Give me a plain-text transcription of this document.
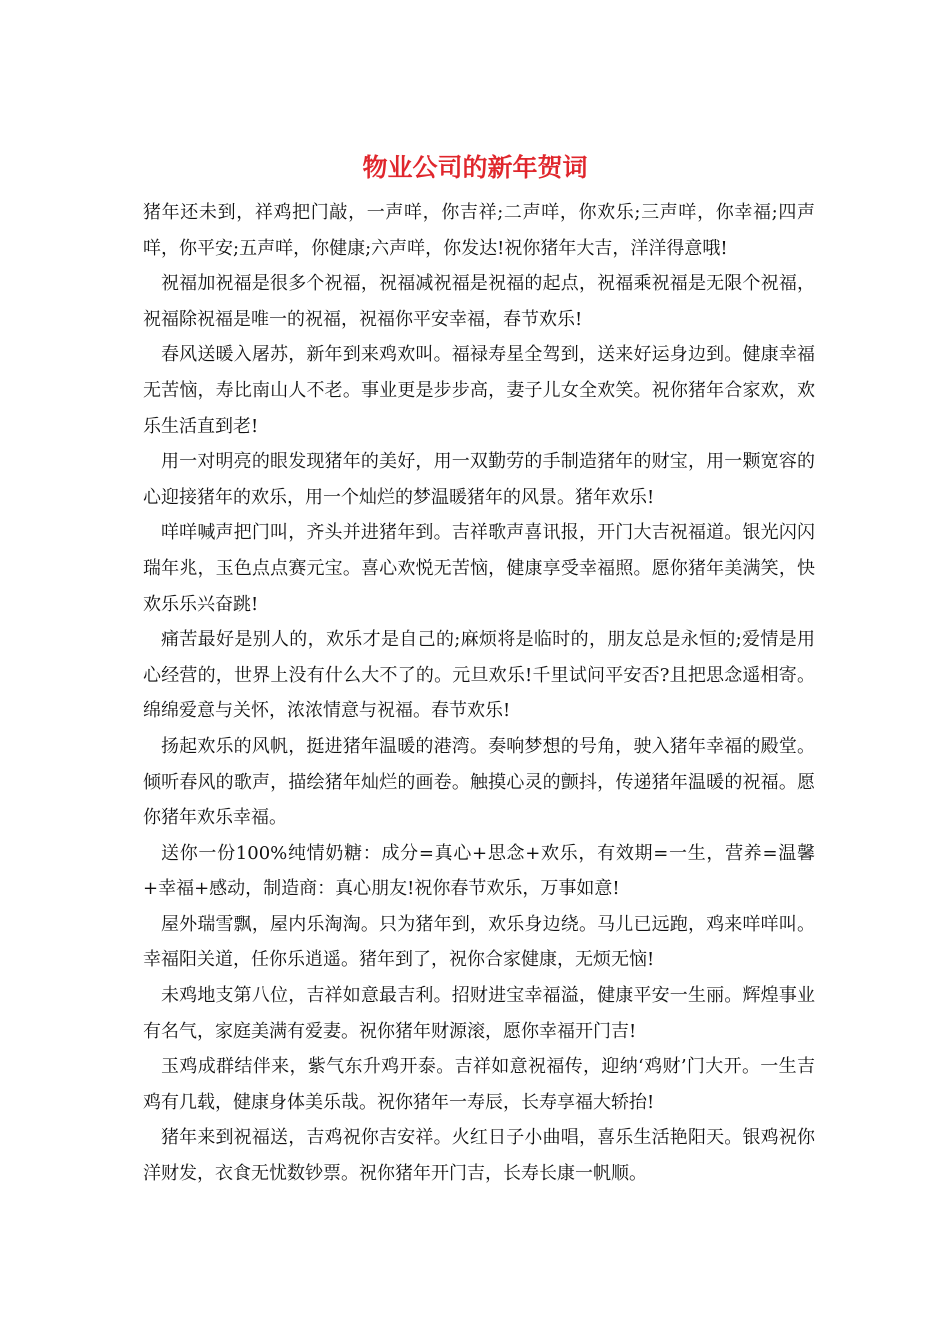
物业公司的新年贺词

猪年还未到，祥鸡把门敲，一声咩，你吉祥;二声咩，你欢乐;三声咩，你幸福;四声咩，你平安;五声咩，你健康;六声咩，你发达!祝你猪年大吉，洋洋得意哦!

祝福加祝福是很多个祝福，祝福减祝福是祝福的起点，祝福乘祝福是无限个祝福，祝福除祝福是唯一的祝福，祝福你平安幸福，春节欢乐!

春风送暖入屠苏，新年到来鸡欢叫。福禄寿星全驾到，送来好运身边到。健康幸福无苦恼，寿比南山人不老。事业更是步步高，妻子儿女全欢笑。祝你猪年合家欢，欢乐生活直到老!

用一对明亮的眼发现猪年的美好，用一双勤劳的手制造猪年的财宝，用一颗宽容的心迎接猪年的欢乐，用一个灿烂的梦温暖猪年的风景。猪年欢乐!

咩咩喊声把门叫，齐头并进猪年到。吉祥歌声喜讯报，开门大吉祝福道。银光闪闪瑞年兆，玉色点点赛元宝。喜心欢悦无苦恼，健康享受幸福照。愿你猪年美满笑，快欢乐乐兴奋跳!

痛苦最好是别人的，欢乐才是自己的;麻烦将是临时的，朋友总是永恒的;爱情是用心经营的，世界上没有什么大不了的。元旦欢乐!千里试问平安否?且把思念遥相寄。绵绵爱意与关怀，浓浓情意与祝福。春节欢乐!

扬起欢乐的风帆，挺进猪年温暖的港湾。奏响梦想的号角，驶入猪年幸福的殿堂。倾听春风的歌声，描绘猪年灿烂的画卷。触摸心灵的颤抖，传递猪年温暖的祝福。愿你猪年欢乐幸福。

送你一份100%纯情奶糖：成分=真心+思念+欢乐，有效期=一生，营养=温馨+幸福+感动，制造商：真心朋友!祝你春节欢乐，万事如意!

屋外瑞雪飘，屋内乐淘淘。只为猪年到，欢乐身边绕。马儿已远跑，鸡来咩咩叫。幸福阳关道，任你乐逍遥。猪年到了，祝你合家健康，无烦无恼!

未鸡地支第八位，吉祥如意最吉利。招财进宝幸福溢，健康平安一生丽。辉煌事业有名气，家庭美满有爱妻。祝你猪年财源滚，愿你幸福开门吉!

玉鸡成群结伴来，紫气东升鸡开泰。吉祥如意祝福传，迎纳‘鸡财’门大开。一生吉鸡有几载，健康身体美乐哉。祝你猪年一寿辰，长寿享福大轿抬!

猪年来到祝福送，吉鸡祝你吉安祥。火红日子小曲唱，喜乐生活艳阳天。银鸡祝你洋财发，衣食无忧数钞票。祝你猪年开门吉，长寿长康一帆顺。
